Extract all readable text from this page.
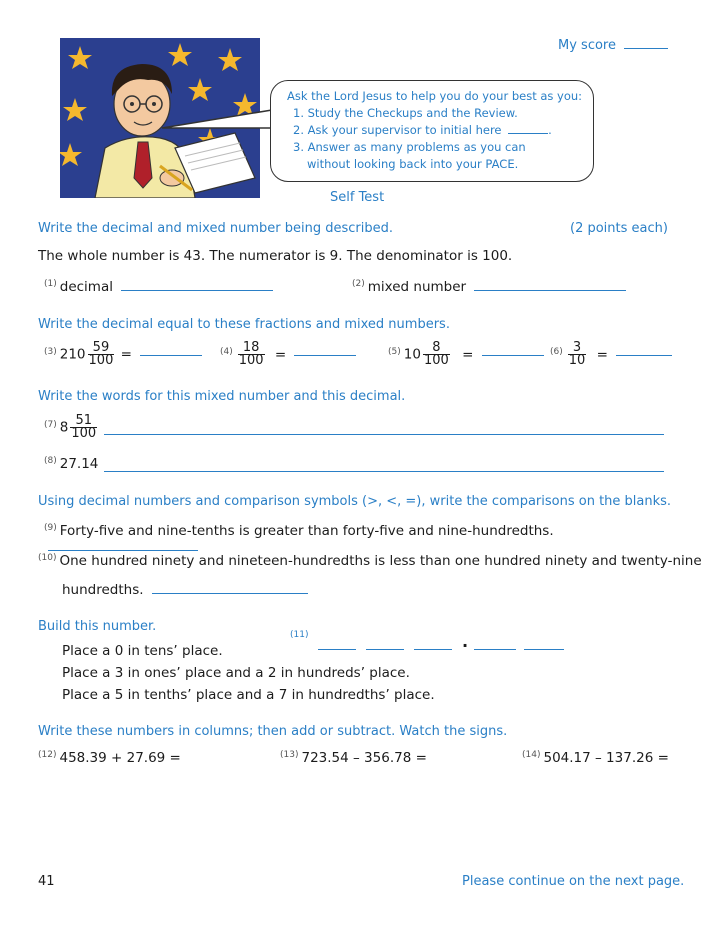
My score
Ask the Lord Jesus to help you do your best as you:
1. Study the Checkups and the Review.
2. Ask your supervisor to initial here	.
3. Answer as many problems as you can
without looking back into your PACE.
Self Test
Write the decimal and mixed number being described.	(2 points each)
The whole number is 43. The numerator is 9. The denominator is 100.
$^{(1)}$ decimal	$^{(2)}$ mixed number
Write the decimal equal to these fractions and mixed numbers.
$^{(3)}$ $210 \frac{59}{100}$ =	$^{(4)} \frac{18}{100}$ =	$^{(5)}$ $10 \frac{8}{100}$ =	$^{(6)} \frac{3}{10}$ =
Write the words for this mixed number and this decimal.
$^{(7)}$ $8 \frac{51}{100}$
$^{(8)}$ 27.14
Using decimal numbers and comparison symbols (>, <, =), write the comparisons on the blanks.
$^{(9)}$ Forty-five and nine-tenths is greater than forty-five and nine-hundredths.
$^{(10)}$ One hundred ninety and nineteen-hundredths is less than one hundred ninety and twenty-nine
hundredths.
Build this number.
Place a 0 in tens’ place.
Place a 3 in ones’ place and a 2 in hundreds’ place.
Place a 5 in tenths’ place and a 7 in hundredths’ place.
(11)	.
Write these numbers in columns; then add or subtract. Watch the signs.
$^{(12)}$ 458.39 + 27.69 =	$^{(13)}$ 723.54 – 356.78 =	$^{(14)}$ 504.17 – 137.26 =
41	Please continue on the next page.
